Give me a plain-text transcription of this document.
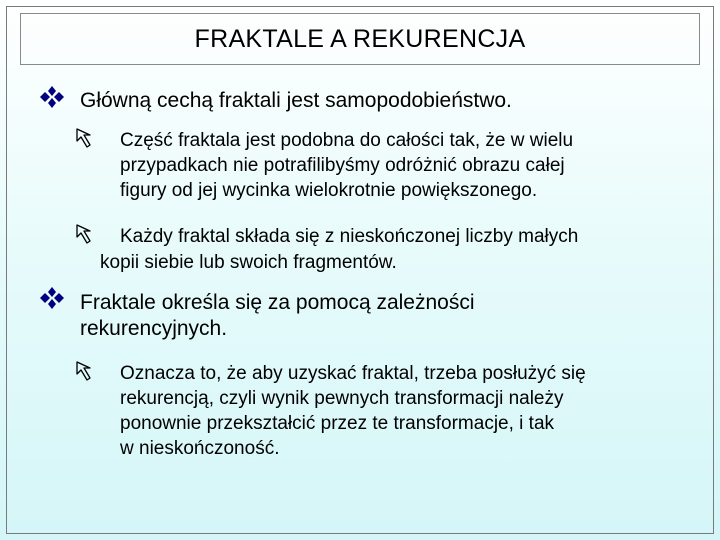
FRAKTALE A REKURENCJA
Główną cechą fraktali jest samopodobieństwo.
Część fraktala jest podobna do całości tak, że w wielu
przypadkach nie potrafilibyśmy odróżnić obrazu całej
figury od jej wycinka wielokrotnie powiększonego.
Każdy fraktal składa się z nieskończonej liczby małych
kopii siebie lub swoich fragmentów.
Fraktale określa się za pomocą zależności
rekurencyjnych.
Oznacza to, że aby uzyskać fraktal, trzeba posłużyć się
rekurencją, czyli wynik pewnych transformacji należy
ponownie przekształcić przez te transformacje, i tak
w nieskończoność.
